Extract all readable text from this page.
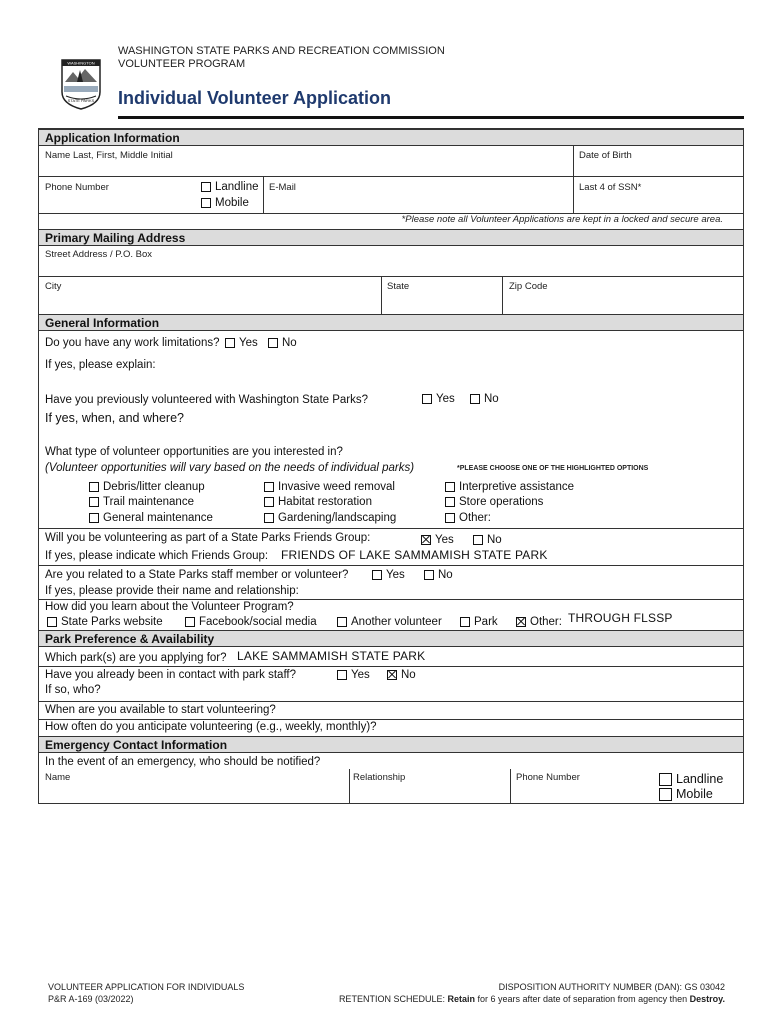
WASHINGTON
STATE PARKS
WASHINGTON STATE PARKS AND RECREATION COMMISSION
VOLUNTEER PROGRAM
Individual Volunteer Application
Application Information
Name Last, First, Middle Initial	Date of Birth
Phone Number	Landline
Mobile
E-Mail	Last 4 of SSN*
*Please note all Volunteer Applications are kept in a locked and secure area.
Primary Mailing Address
Street Address / P.O. Box
City	State	Zip Code
General Information
Do you have any work limitations? Yes No
If yes, please explain:
Have you previously volunteered with Washington State Parks?	Yes	No
If yes, when, and where?
What type of volunteer opportunities are you interested in?
(Volunteer opportunities will vary based on the needs of individual parks)	*PLEASE CHOOSE ONE OF THE HIGHLIGHTED OPTIONS
Debris/litter cleanup
Trail maintenance
General maintenance
Invasive weed removal
Habitat restoration
Gardening/landscaping
Interpretive assistance
Store operations
Other:
Will you be volunteering as part of a State Parks Friends Group:	Yes	No
If yes, please indicate which Friends Group: FRIENDS OF LAKE SAMMAMISH STATE PARK
Are you related to a State Parks staff member or volunteer?	Yes	No
If yes, please provide their name and relationship:
How did you learn about the Volunteer Program?
State Parks website	Facebook/social media	Another volunteer	Park	Other: THROUGH FLSSP
Park Preference & Availability
Which park(s) are you applying for? LAKE SAMMAMISH STATE PARK
Have you already been in contact with park staff?	Yes	No
If so, who?
When are you available to start volunteering?
How often do you anticipate volunteering (e.g., weekly, monthly)?
Emergency Contact Information
In the event of an emergency, who should be notified?
Name	Relationship	Phone Number	Landline
Mobile
VOLUNTEER APPLICATION FOR INDIVIDUALS
P&R A-169 (03/2022)
DISPOSITION AUTHORITY NUMBER (DAN): GS 03042
RETENTION SCHEDULE: Retain for 6 years after date of separation from agency then Destroy.
